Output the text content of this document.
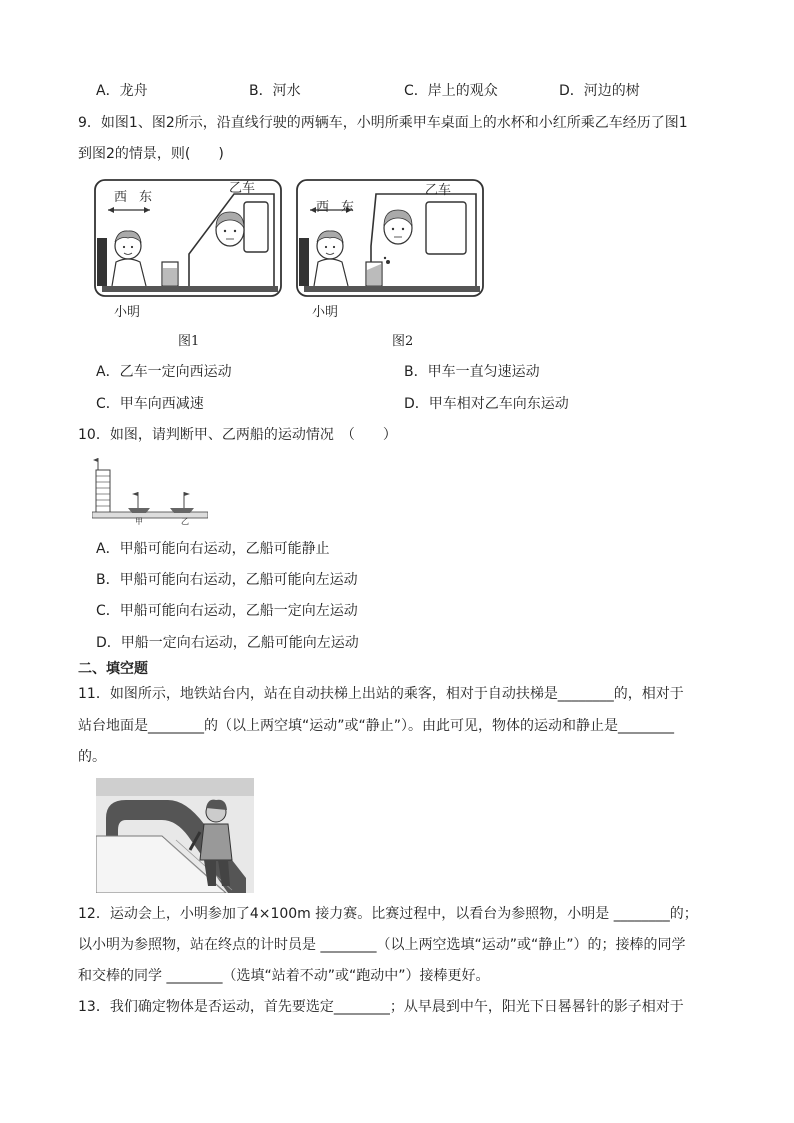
A．龙舟	B．河水	C．岸上的观众	D．河边的树
9．如图1、图2所示，沿直线行驶的两辆车，小明所乘甲车桌面上的水杯和小红所乘乙车经历了图1
到图2的情景，则(　　)
西 东
乙车
小明
图1
西 东
乙车
小明
图2
A．乙车一定向西运动	B．甲车一直匀速运动
C．甲车向西减速	D．甲车相对乙车向东运动
10．如图，请判断甲、乙两船的运动情况　（　　）
甲	乙
A．甲船可能向右运动，乙船可能静止
B．甲船可能向右运动，乙船可能向左运动
C．甲船可能向右运动，乙船一定向左运动
D．甲船一定向右运动，乙船可能向左运动
二、填空题
11．如图所示，地铁站台内，站在自动扶梯上出站的乘客，相对于自动扶梯是________的，相对于
站台地面是________的（以上两空填“运动”或“静止”）。由此可见，物体的运动和静止是________
的。
12．运动会上，小明参加了4×100m 接力赛。比赛过程中，以看台为参照物，小明是 ________的；
以小明为参照物，站在终点的计时员是 ________（以上两空选填“运动”或“静止”）的；接棒的同学
和交棒的同学 ________（选填“站着不动”或“跑动中”）接棒更好。
13．我们确定物体是否运动，首先要选定________；从早晨到中午，阳光下日晷晷针的影子相对于
